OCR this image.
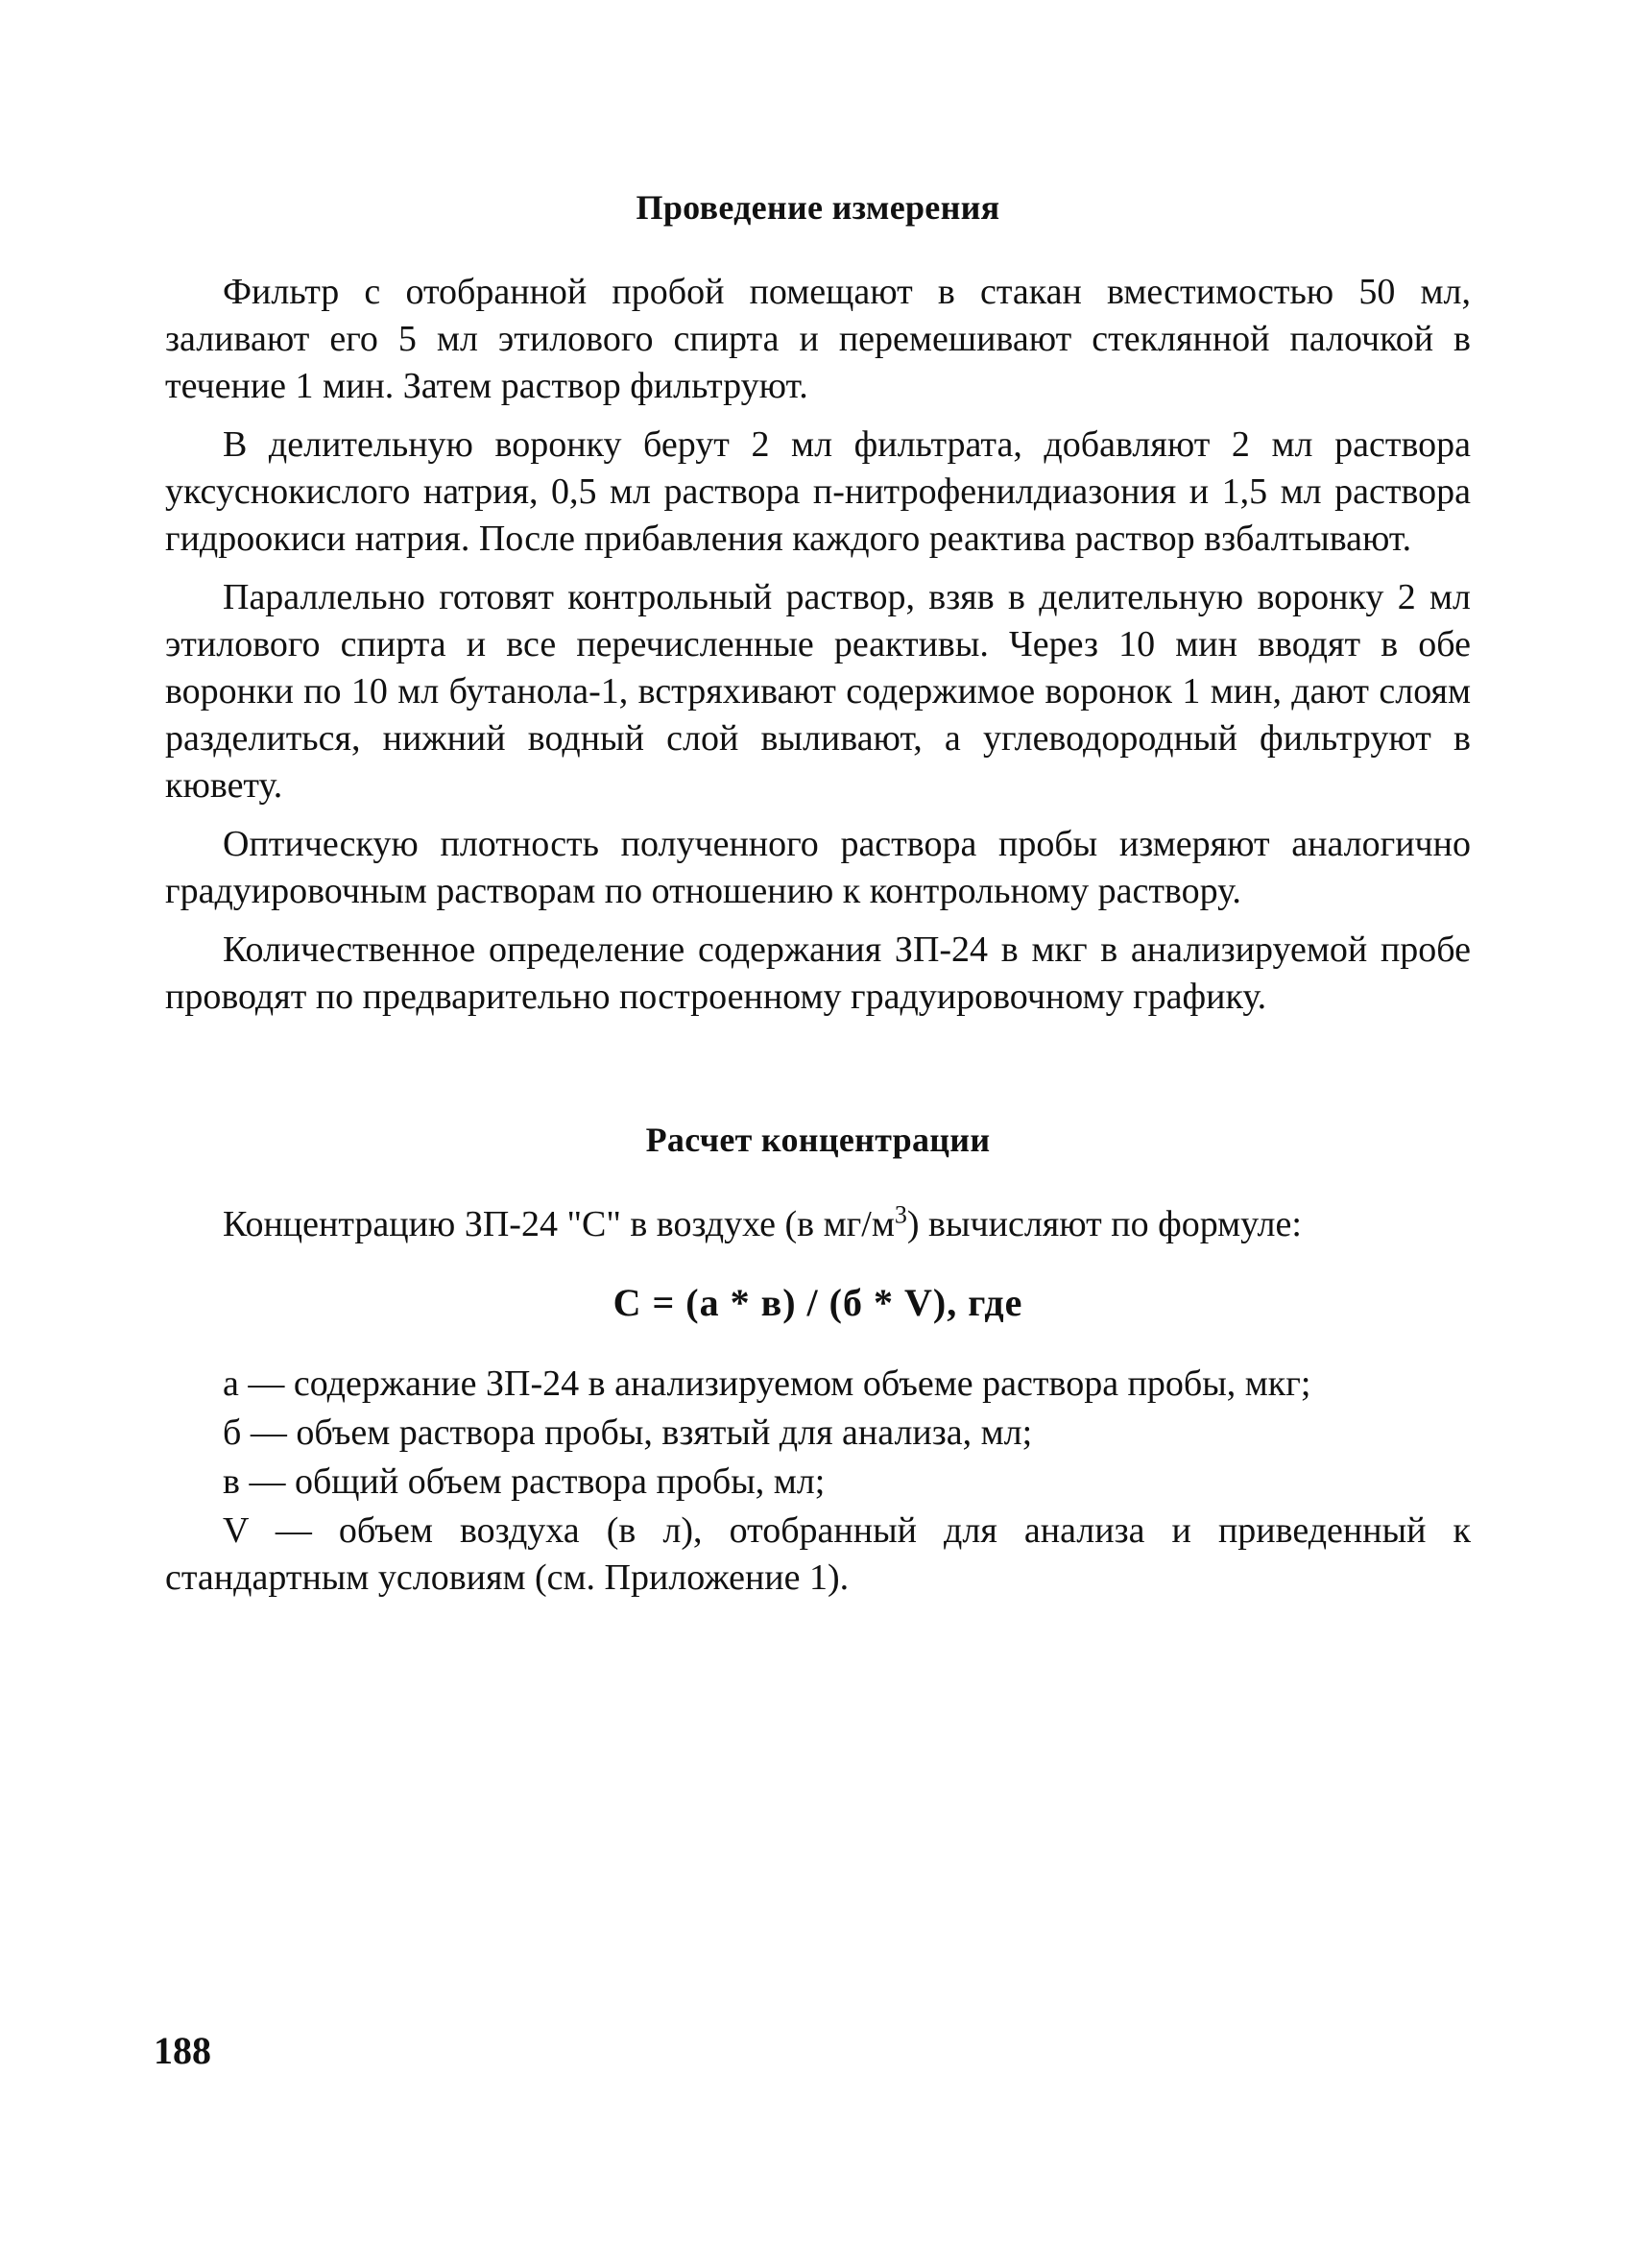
Проведение измерения

Фильтр с отобранной пробой помещают в стакан вместимостью 50 мл, заливают его 5 мл этилового спирта и перемешивают стеклянной палочкой в течение 1 мин. Затем раствор фильтруют.

В делительную воронку берут 2 мл фильтрата, добавляют 2 мл раствора уксуснокислого натрия, 0,5 мл раствора п-нитрофенилдиазония и 1,5 мл раствора гидроокиси натрия. После прибавления каждого реактива раствор взбалтывают.

Параллельно готовят контрольный раствор, взяв в делительную воронку 2 мл этилового спирта и все перечисленные реактивы. Через 10 мин вводят в обе воронки по 10 мл бутанола-1, встряхивают содержимое воронок 1 мин, дают слоям разделиться, нижний водный слой выливают, а углеводородный фильтруют в кювету.

Оптическую плотность полученного раствора пробы измеряют аналогично градуировочным растворам по отношению к контрольному раствору.

Количественное определение содержания ЗП-24 в мкг в анализируемой пробе проводят по предварительно построенному градуировочному графику.

Расчет концентрации

Концентрацию ЗП-24 "С" в воздухе (в $мг/м^3$) вычисляют по формуле:

С = (а * в) / (б * V), где

а — содержание ЗП-24 в анализируемом объеме раствора пробы, мкг;

б — объем раствора пробы, взятый для анализа, мл;

в — общий объем раствора пробы, мл;

V — объем воздуха (в л), отобранный для анализа и приведенный к стандартным условиям (см. Приложение 1).

188
